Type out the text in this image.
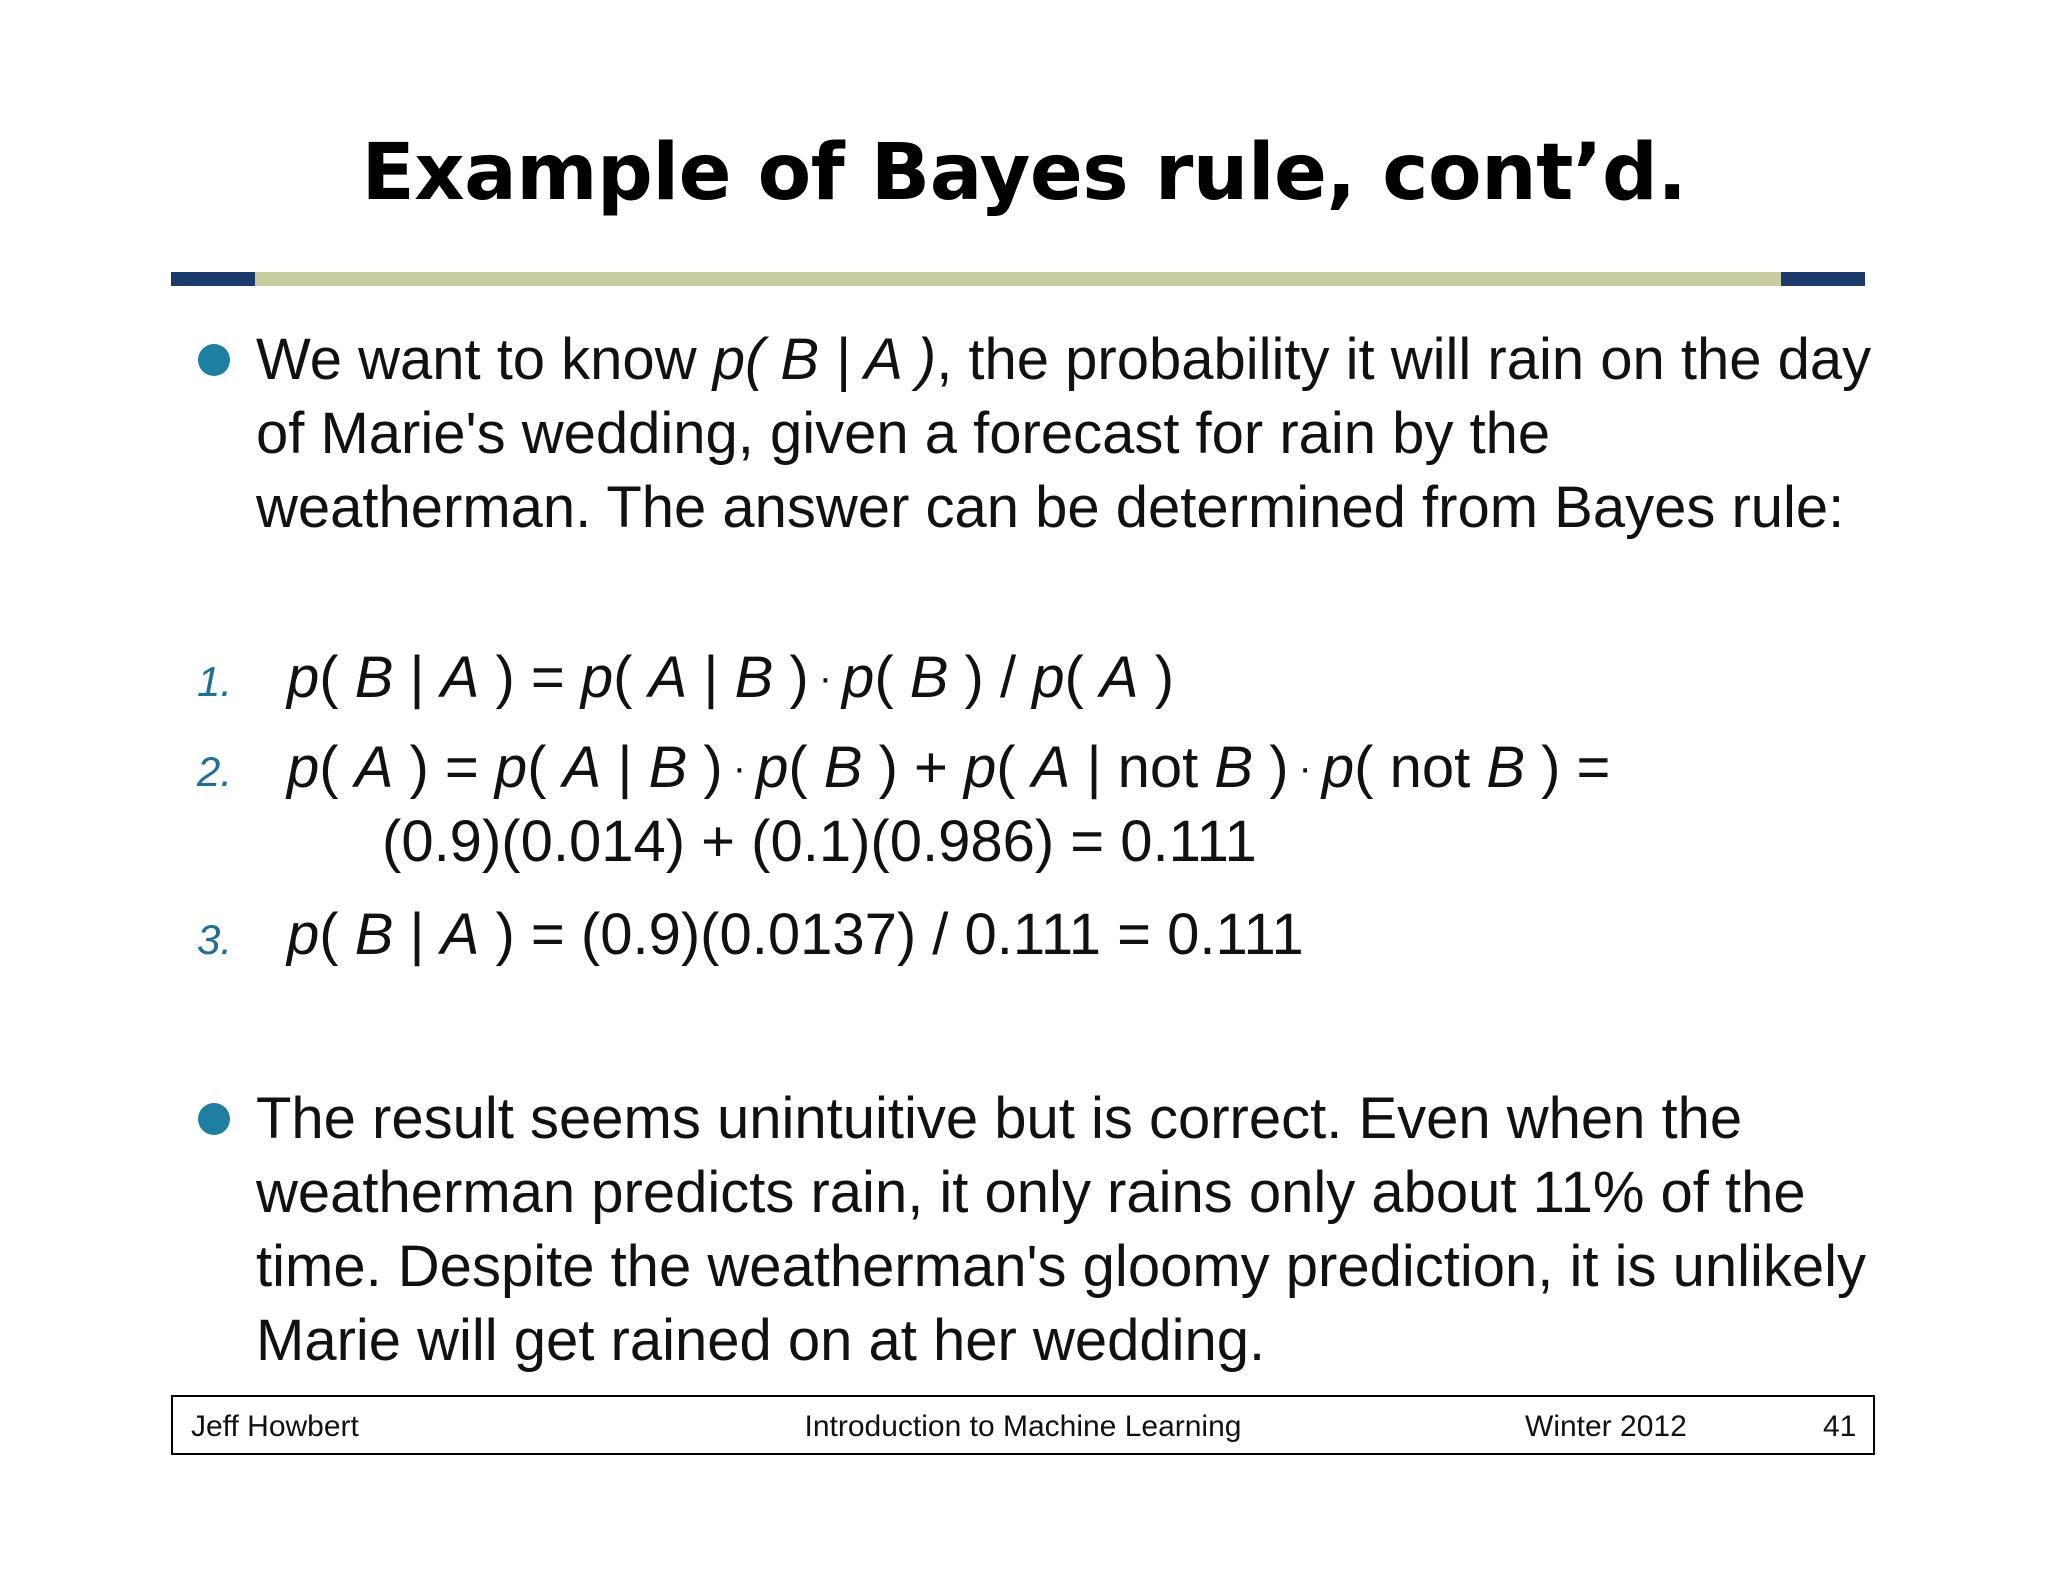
Example of Bayes rule, cont’d.
We want to know p( B | A ), the probability it will rain on the day of Marie's wedding, given a forecast for rain by the weatherman. The answer can be determined from Bayes rule:
1. p( B | A ) = p( A | B ) · p( B ) / p( A )
2. p( A ) = p( A | B ) · p( B ) + p( A | not B ) · p( not B ) =
(0.9)(0.014) + (0.1)(0.986) = 0.111
3. p( B | A ) = (0.9)(0.0137) / 0.111 = 0.111
The result seems unintuitive but is correct. Even when the weatherman predicts rain, it only rains only about 11% of the time. Despite the weatherman's gloomy prediction, it is unlikely Marie will get rained on at her wedding.
Introduction to Machine Learning
Jeff Howbert	Winter 2012	41
